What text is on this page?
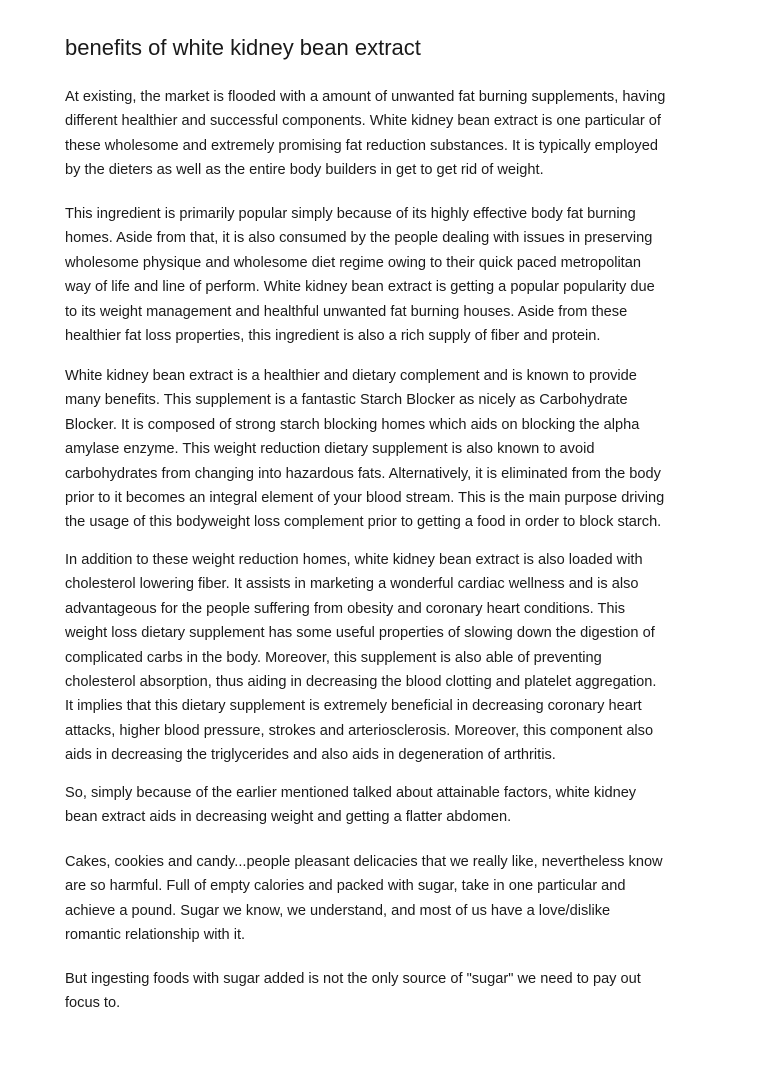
benefits of white kidney bean extract
At existing, the market is flooded with a amount of unwanted fat burning supplements, having
different healthier and successful components. White kidney bean extract is one particular of
these wholesome and extremely promising fat reduction substances. It is typically employed
by the dieters as well as the entire body builders in get to get rid of weight.
This ingredient is primarily popular simply because of its highly effective body fat burning
homes. Aside from that, it is also consumed by the people dealing with issues in preserving
wholesome physique and wholesome diet regime owing to their quick paced metropolitan
way of life and line of perform. White kidney bean extract is getting a popular popularity due
to its weight management and healthful unwanted fat burning houses. Aside from these
healthier fat loss properties, this ingredient is also a rich supply of fiber and protein.
White kidney bean extract is a healthier and dietary complement and is known to provide
many benefits. This supplement is a fantastic Starch Blocker as nicely as Carbohydrate
Blocker. It is composed of strong starch blocking homes which aids on blocking the alpha
amylase enzyme. This weight reduction dietary supplement is also known to avoid
carbohydrates from changing into hazardous fats. Alternatively, it is eliminated from the body
prior to it becomes an integral element of your blood stream. This is the main purpose driving
the usage of this bodyweight loss complement prior to getting a food in order to block starch.
In addition to these weight reduction homes, white kidney bean extract is also loaded with
cholesterol lowering fiber. It assists in marketing a wonderful cardiac wellness and is also
advantageous for the people suffering from obesity and coronary heart conditions. This
weight loss dietary supplement has some useful properties of slowing down the digestion of
complicated carbs in the body. Moreover, this supplement is also able of preventing
cholesterol absorption, thus aiding in decreasing the blood clotting and platelet aggregation.
It implies that this dietary supplement is extremely beneficial in decreasing coronary heart
attacks, higher blood pressure, strokes and arteriosclerosis. Moreover, this component also
aids in decreasing the triglycerides and also aids in degeneration of arthritis.
So, simply because of the earlier mentioned talked about attainable factors, white kidney
bean extract aids in decreasing weight and getting a flatter abdomen.
Cakes, cookies and candy...people pleasant delicacies that we really like, nevertheless know
are so harmful. Full of empty calories and packed with sugar, take in one particular and
achieve a pound. Sugar we know, we understand, and most of us have a love/dislike
romantic relationship with it.
But ingesting foods with sugar added is not the only source of "sugar" we need to pay out
focus to.
